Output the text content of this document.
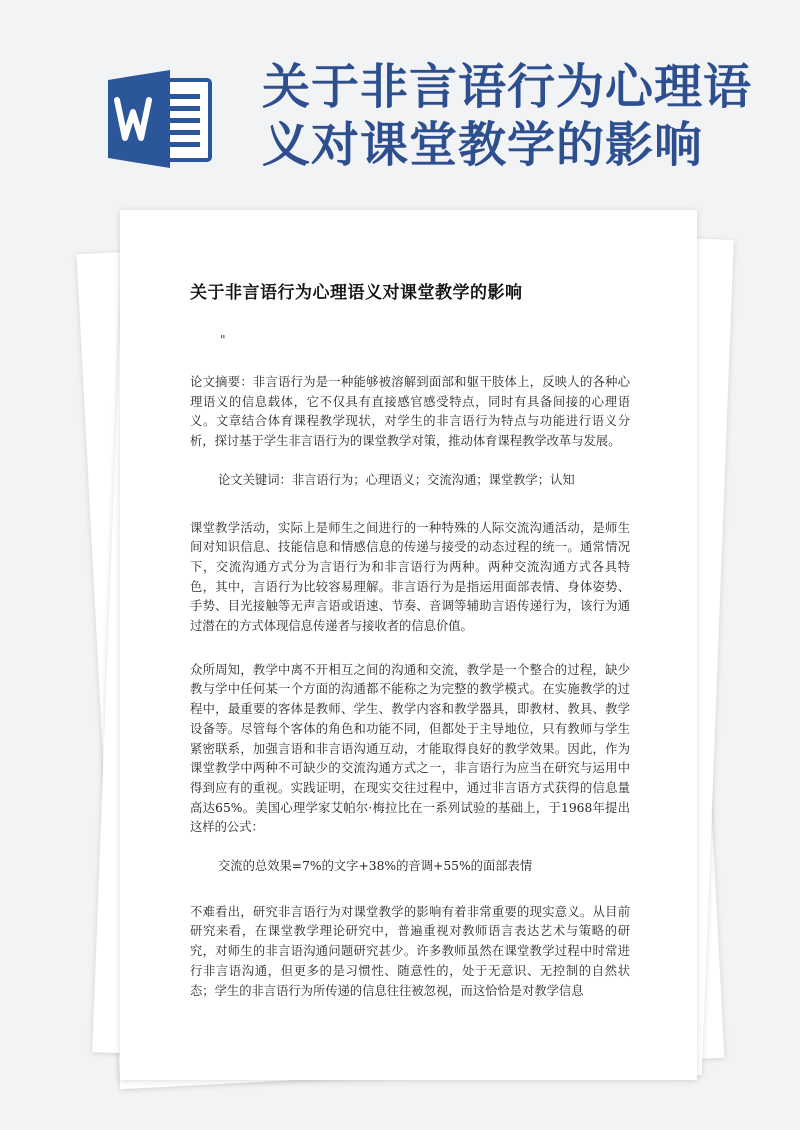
关于非言语行为心理语义对课堂教学的影响
关于非言语行为心理语义对课堂教学的影响
"

论文摘要：非言语行为是一种能够被溶解到面部和躯干肢体上，反映人的各种心理语义的信息载体，它不仅具有直接感官感受特点，同时有具备间接的心理语义。文章结合体育课程教学现状，对学生的非言语行为特点与功能进行语义分析，探讨基于学生非言语行为的课堂教学对策，推动体育课程教学改革与发展。

论文关键词：非言语行为；心理语义；交流沟通；课堂教学；认知

课堂教学活动，实际上是师生之间进行的一种特殊的人际交流沟通活动，是师生间对知识信息、技能信息和情感信息的传递与接受的动态过程的统一。通常情况下，交流沟通方式分为言语行为和非言语行为两种。两种交流沟通方式各具特色，其中，言语行为比较容易理解。非言语行为是指运用面部表情、身体姿势、手势、目光接触等无声言语或语速、节奏、音调等辅助言语传递行为，该行为通过潜在的方式体现信息传递者与接收者的信息价值。

众所周知，教学中离不开相互之间的沟通和交流，教学是一个整合的过程，缺少教与学中任何某一个方面的沟通都不能称之为完整的教学模式。在实施教学的过程中，最重要的客体是教师、学生、教学内容和教学器具，即教材、教具、教学设备等。尽管每个客体的角色和功能不同，但都处于主导地位，只有教师与学生紧密联系，加强言语和非言语沟通互动，才能取得良好的教学效果。因此，作为课堂教学中两种不可缺少的交流沟通方式之一，非言语行为应当在研究与运用中得到应有的重视。实践证明，在现实交往过程中，通过非言语方式获得的信息量高达65%。美国心理学家艾帕尔·梅拉比在一系列试验的基础上，于1968年提出这样的公式：

交流的总效果=7%的文字+38%的音调+55%的面部表情

不难看出，研究非言语行为对课堂教学的影响有着非常重要的现实意义。从目前研究来看，在课堂教学理论研究中，普遍重视对教师语言表达艺术与策略的研究，对师生的非言语沟通问题研究甚少。许多教师虽然在课堂教学过程中时常进行非言语沟通，但更多的是习惯性、随意性的，处于无意识、无控制的自然状态；学生的非言语行为所传递的信息往往被忽视，而这恰恰是对教学信息
